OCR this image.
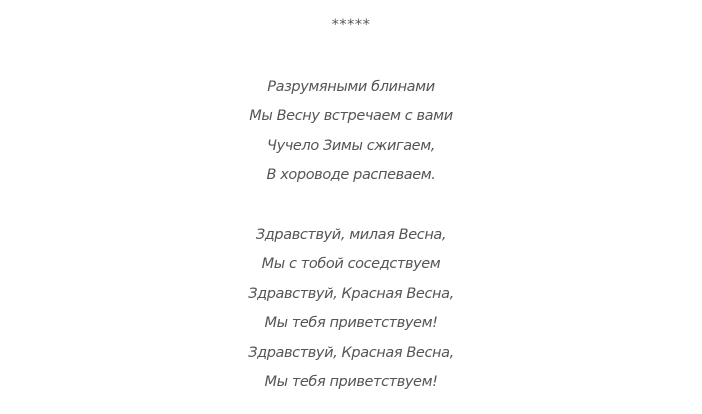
*****
Разрумяными блинами
Мы Весну встречаем с вами
Чучело Зимы сжигаем,
В хороводе распеваем.
Здравствуй, милая Весна,
Мы с тобой соседствуем
Здравствуй, Красная Весна,
Мы тебя приветствуем!
Здравствуй, Красная Весна,
Мы тебя приветствуем!
